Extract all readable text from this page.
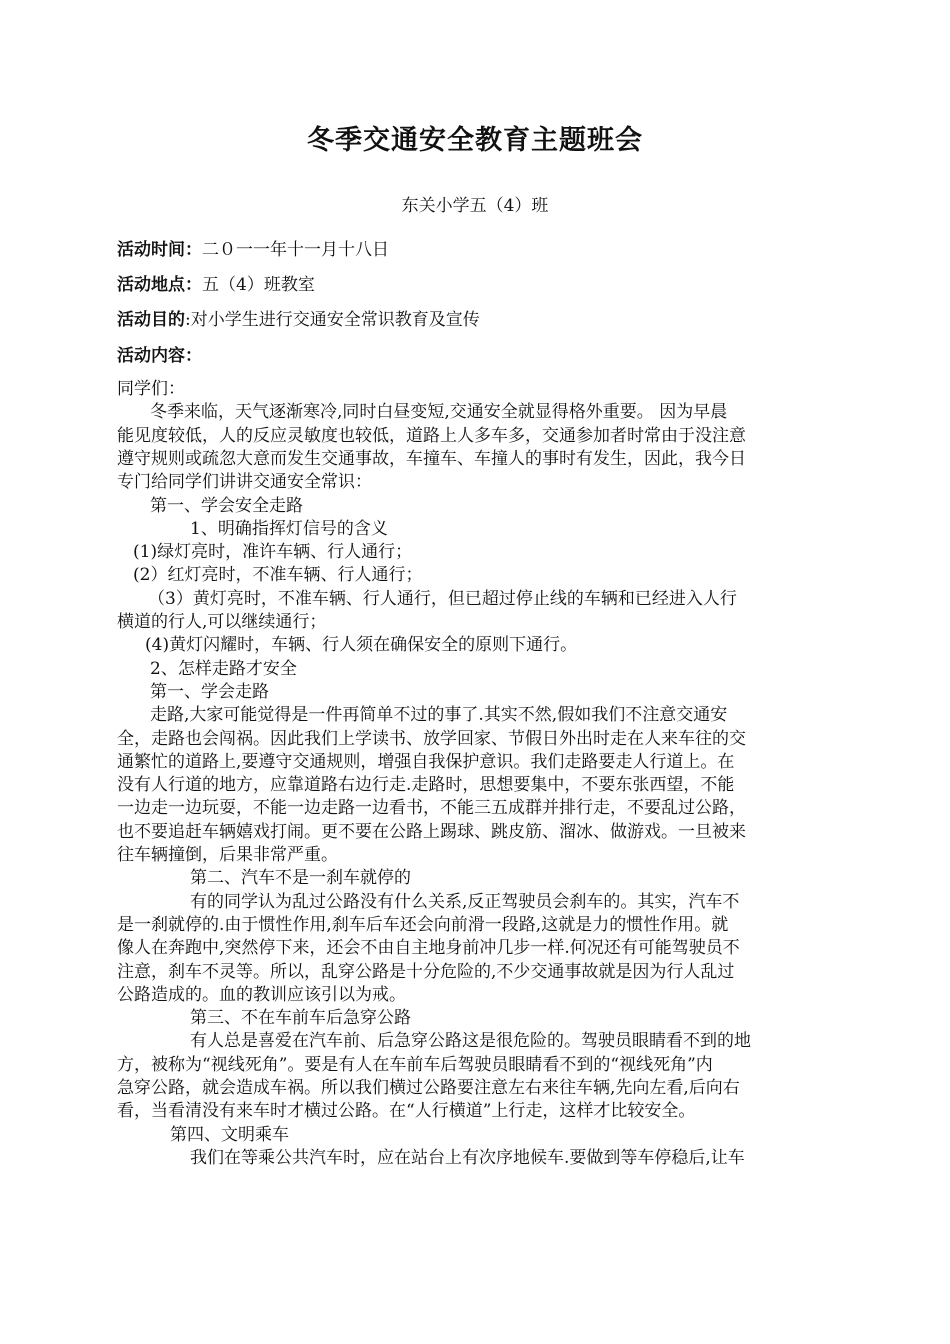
冬季交通安全教育主题班会
东关小学五（4）班
活动时间：二０一一年十一月十八日
活动地点：五（4）班教室
活动目的:对小学生进行交通安全常识教育及宣传
活动内容：
同学们：
冬季来临，天气逐渐寒冷,同时白昼变短,交通安全就显得格外重要。 因为早晨
能见度较低，人的反应灵敏度也较低，道路上人多车多，交通参加者时常由于没注意
遵守规则或疏忽大意而发生交通事故，车撞车、车撞人的事时有发生，因此，我今日
专门给同学们讲讲交通安全常识：
第一、学会安全走路
1、明确指挥灯信号的含义
(1)绿灯亮时，准许车辆、行人通行；
(2）红灯亮时，不准车辆、行人通行；
（3）黄灯亮时，不准车辆、行人通行，但已超过停止线的车辆和已经进入人行
横道的行人,可以继续通行；
(4)黄灯闪耀时，车辆、行人须在确保安全的原则下通行。
2、怎样走路才安全
第一、学会走路
走路,大家可能觉得是一件再简单不过的事了.其实不然,假如我们不注意交通安
全，走路也会闯祸。因此我们上学读书、放学回家、节假日外出时走在人来车往的交
通繁忙的道路上,要遵守交通规则，增强自我保护意识。我们走路要走人行道上。在
没有人行道的地方，应靠道路右边行走.走路时，思想要集中，不要东张西望，不能
一边走一边玩耍，不能一边走路一边看书，不能三五成群并排行走，不要乱过公路，
也不要追赶车辆嬉戏打闹。更不要在公路上踢球、跳皮筋、溜冰、做游戏。一旦被来
往车辆撞倒，后果非常严重。
第二、汽车不是一刹车就停的
有的同学认为乱过公路没有什么关系,反正驾驶员会刹车的。其实，汽车不
是一刹就停的.由于惯性作用,刹车后车还会向前滑一段路,这就是力的惯性作用。就
像人在奔跑中,突然停下来，还会不由自主地身前冲几步一样.何况还有可能驾驶员不
注意，刹车不灵等。所以，乱穿公路是十分危险的,不少交通事故就是因为行人乱过
公路造成的。血的教训应该引以为戒。
第三、不在车前车后急穿公路
有人总是喜爱在汽车前、后急穿公路这是很危险的。驾驶员眼睛看不到的地
方，被称为“视线死角”。要是有人在车前车后驾驶员眼睛看不到的“视线死角”内
急穿公路，就会造成车祸。所以我们横过公路要注意左右来往车辆,先向左看,后向右
看，当看清没有来车时才横过公路。在“人行横道”上行走，这样才比较安全。
第四、文明乘车
我们在等乘公共汽车时，应在站台上有次序地候车.要做到等车停稳后,让车
